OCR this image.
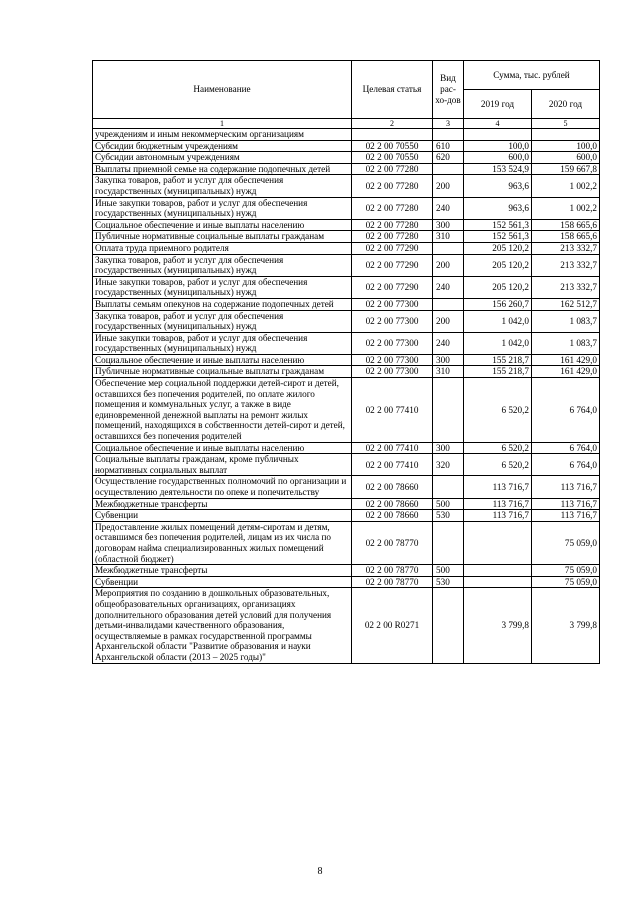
Наименование	Целевая статья	Вид рас-хо-дов	Сумма, тыс. рублей	
			2019 год	2020 год
1	2	3	4	5
учреждениям и иным некоммерческим организациям				
Субсидии бюджетным учреждениям	02 2 00 70550	610	100,0	100,0
Субсидии автономным учреждениям	02 2 00 70550	620	600,0	600,0
Выплаты приемной семье на содержание подопечных детей	02 2 00 77280		153 524,9	159 667,8
Закупка товаров, работ и услуг для обеспечения государственных (муниципальных) нужд	02 2 00 77280	200	963,6	1 002,2
Иные закупки товаров, работ и услуг для обеспечения государственных (муниципальных) нужд	02 2 00 77280	240	963,6	1 002,2
Социальное обеспечение и иные выплаты населению	02 2 00 77280	300	152 561,3	158 665,6
Публичные нормативные социальные выплаты гражданам	02 2 00 77280	310	152 561,3	158 665,6
Оплата труда приемного родителя	02 2 00 77290		205 120,2	213 332,7
Закупка товаров, работ и услуг для обеспечения государственных (муниципальных) нужд	02 2 00 77290	200	205 120,2	213 332,7
Иные закупки товаров, работ и услуг для обеспечения государственных (муниципальных) нужд	02 2 00 77290	240	205 120,2	213 332,7
Выплаты семьям опекунов на содержание подопечных детей	02 2 00 77300		156 260,7	162 512,7
Закупка товаров, работ и услуг для обеспечения государственных (муниципальных) нужд	02 2 00 77300	200	1 042,0	1 083,7
Иные закупки товаров, работ и услуг для обеспечения государственных (муниципальных) нужд	02 2 00 77300	240	1 042,0	1 083,7
Социальное обеспечение и иные выплаты населению	02 2 00 77300	300	155 218,7	161 429,0
Публичные нормативные социальные выплаты гражданам	02 2 00 77300	310	155 218,7	161 429,0
Обеспечение мер социальной поддержки детей-сирот и детей, оставшихся без попечения родителей, по оплате жилого помещения и коммунальных услуг, а также в виде единовременной денежной выплаты на ремонт жилых помещений, находящихся в собственности детей-сирот и детей, оставшихся без попечения родителей	02 2 00 77410		6 520,2	6 764,0
Социальное обеспечение и иные выплаты населению	02 2 00 77410	300	6 520,2	6 764,0
Социальные выплаты гражданам, кроме публичных нормативных социальных выплат	02 2 00 77410	320	6 520,2	6 764,0
Осуществление государственных полномочий по организации и осуществлению деятельности по опеке и попечительству	02 2 00 78660		113 716,7	113 716,7
Межбюджетные трансферты	02 2 00 78660	500	113 716,7	113 716,7
Субвенции	02 2 00 78660	530	113 716,7	113 716,7
Предоставление жилых помещений детям-сиротам и детям, оставшимся без попечения родителей, лицам из их числа по договорам найма специализированных жилых помещений (областной бюджет)	02 2 00 78770			75 059,0
Межбюджетные трансферты	02 2 00 78770	500		75 059,0
Субвенции	02 2 00 78770	530		75 059,0
Мероприятия по созданию в дошкольных образовательных, общеобразовательных организациях, организациях дополнительного образования детей условий для получения детьми-инвалидами качественного образования, осуществляемые в рамках государственной программы Архангельской области "Развитие образования и науки Архангельской области (2013 – 2025 годы)"	02 2 00 R0271		3 799,8	3 799,8
8
